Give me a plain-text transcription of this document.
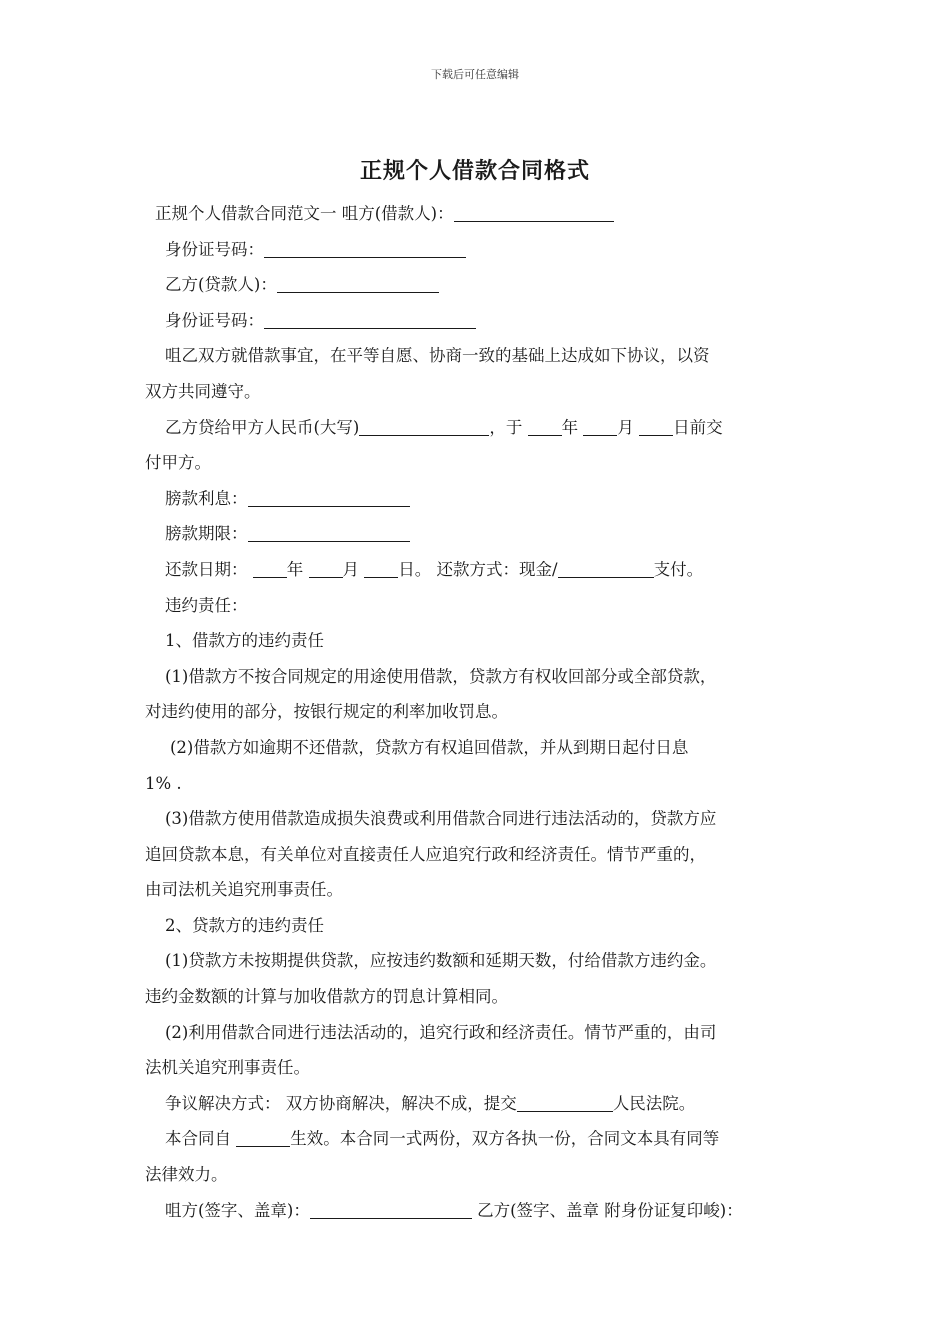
下载后可任意编辑
正规个人借款合同格式
正规个人借款合同范文一 咀方(借款人)：
身份证号码：
乙方(贷款人)：
身份证号码：
咀乙双方就借款事宜，在平等自愿、协商一致的基础上达成如下协议，以资
双方共同遵守。
乙方贷给甲方人民币(大写)	，于 年 月 日前交
付甲方。
膀款利息：
膀款期限：
还款日期： 年 月 日。 还款方式：现金/	支付。
违约责任：
1、借款方的违约责任
(1)借款方不按合同规定的用途使用借款，贷款方有权收回部分或全部贷款，
对违约使用的部分，按银行规定的利率加收罚息。
(2)借款方如逾期不还借款，贷款方有权追回借款，并从到期日起付日息
1% .
(3)借款方使用借款造成损失浪费或利用借款合同进行违法活动的，贷款方应
追回贷款本息，有关单位对直接责任人应追究行政和经济责任。情节严重的，
由司法机关追究刑事责任。
2、贷款方的违约责任
(1)贷款方未按期提供贷款，应按违约数额和延期天数，付给借款方违约金。
违约金数额的计算与加收借款方的罚息计算相同。
(2)利用借款合同进行违法活动的，追究行政和经济责任。情节严重的，由司
法机关追究刑事责任。
争议解决方式： 双方协商解决，解决不成，提交	人民法院。
本合同自	生效。本合同一式两份，双方各执一份，合同文本具有同等
法律效力。
咀方(签字、盖章)：	乙方(签字、盖章 附身份证复印峻)：
